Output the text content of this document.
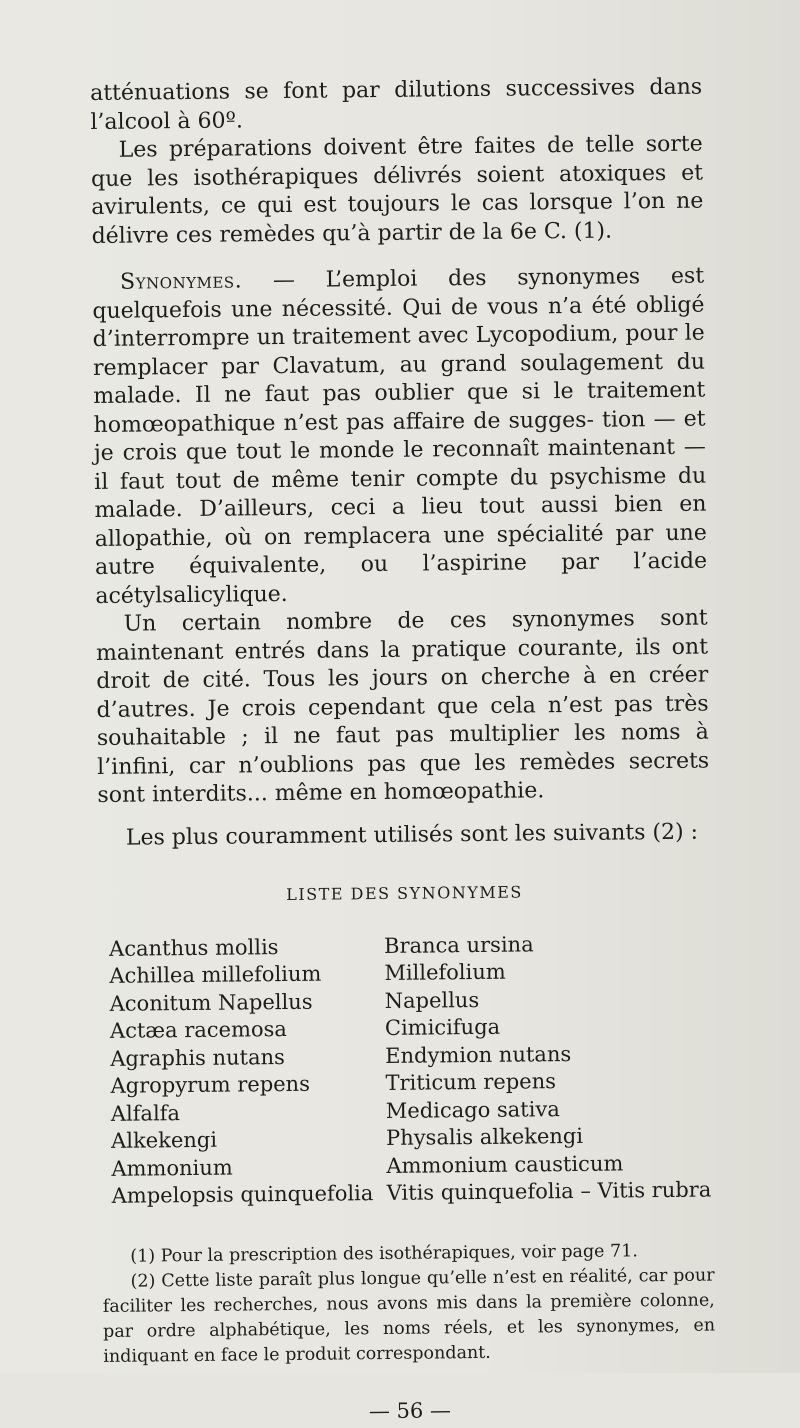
atténuations se font par dilutions successives dans l’alcool à 60º.

Les préparations doivent être faites de telle sorte que les isothérapiques délivrés soient atoxiques et avirulents, ce qui est toujours le cas lorsque l’on ne délivre ces remèdes qu’à partir de la 6e C. (1).

Synonymes. — L’emploi des synonymes est quelquefois une nécessité. Qui de vous n’a été obligé d’interrompre un traitement avec Lycopodium, pour le remplacer par Clavatum, au grand soulagement du malade. Il ne faut pas oublier que si le traitement homœopathique n’est pas affaire de sugges- tion — et je crois que tout le monde le reconnaît maintenant — il faut tout de même tenir compte du psychisme du malade. D’ailleurs, ceci a lieu tout aussi bien en allopathie, où on remplacera une spécialité par une autre équivalente, ou l’aspirine par l’acide acétylsalicylique.

Un certain nombre de ces synonymes sont maintenant entrés dans la pratique courante, ils ont droit de cité. Tous les jours on cherche à en créer d’autres. Je crois cependant que cela n’est pas très souhaitable ; il ne faut pas multiplier les noms à l’infini, car n’oublions pas que les remèdes secrets sont interdits... même en homœopathie.

Les plus couramment utilisés sont les suivants (2) :

LISTE DES SYNONYMES
Acanthus mollis	Branca ursina
Achillea millefolium	Millefolium
Aconitum Napellus	Napellus
Actæa racemosa	Cimicifuga
Agraphis nutans	Endymion nutans
Agropyrum repens	Triticum repens
Alfalfa	Medicago sativa
Alkekengi	Physalis alkekengi
Ammonium	Ammonium causticum
Ampelopsis quinquefolia	Vitis quinquefolia – Vitis rubra

(1) Pour la prescription des isothérapiques, voir page 71.

(2) Cette liste paraît plus longue qu’elle n’est en réalité, car pour faciliter les recherches, nous avons mis dans la première colonne, par ordre alphabétique, les noms réels, et les synonymes, en indiquant en face le produit correspondant.

— 56 —
